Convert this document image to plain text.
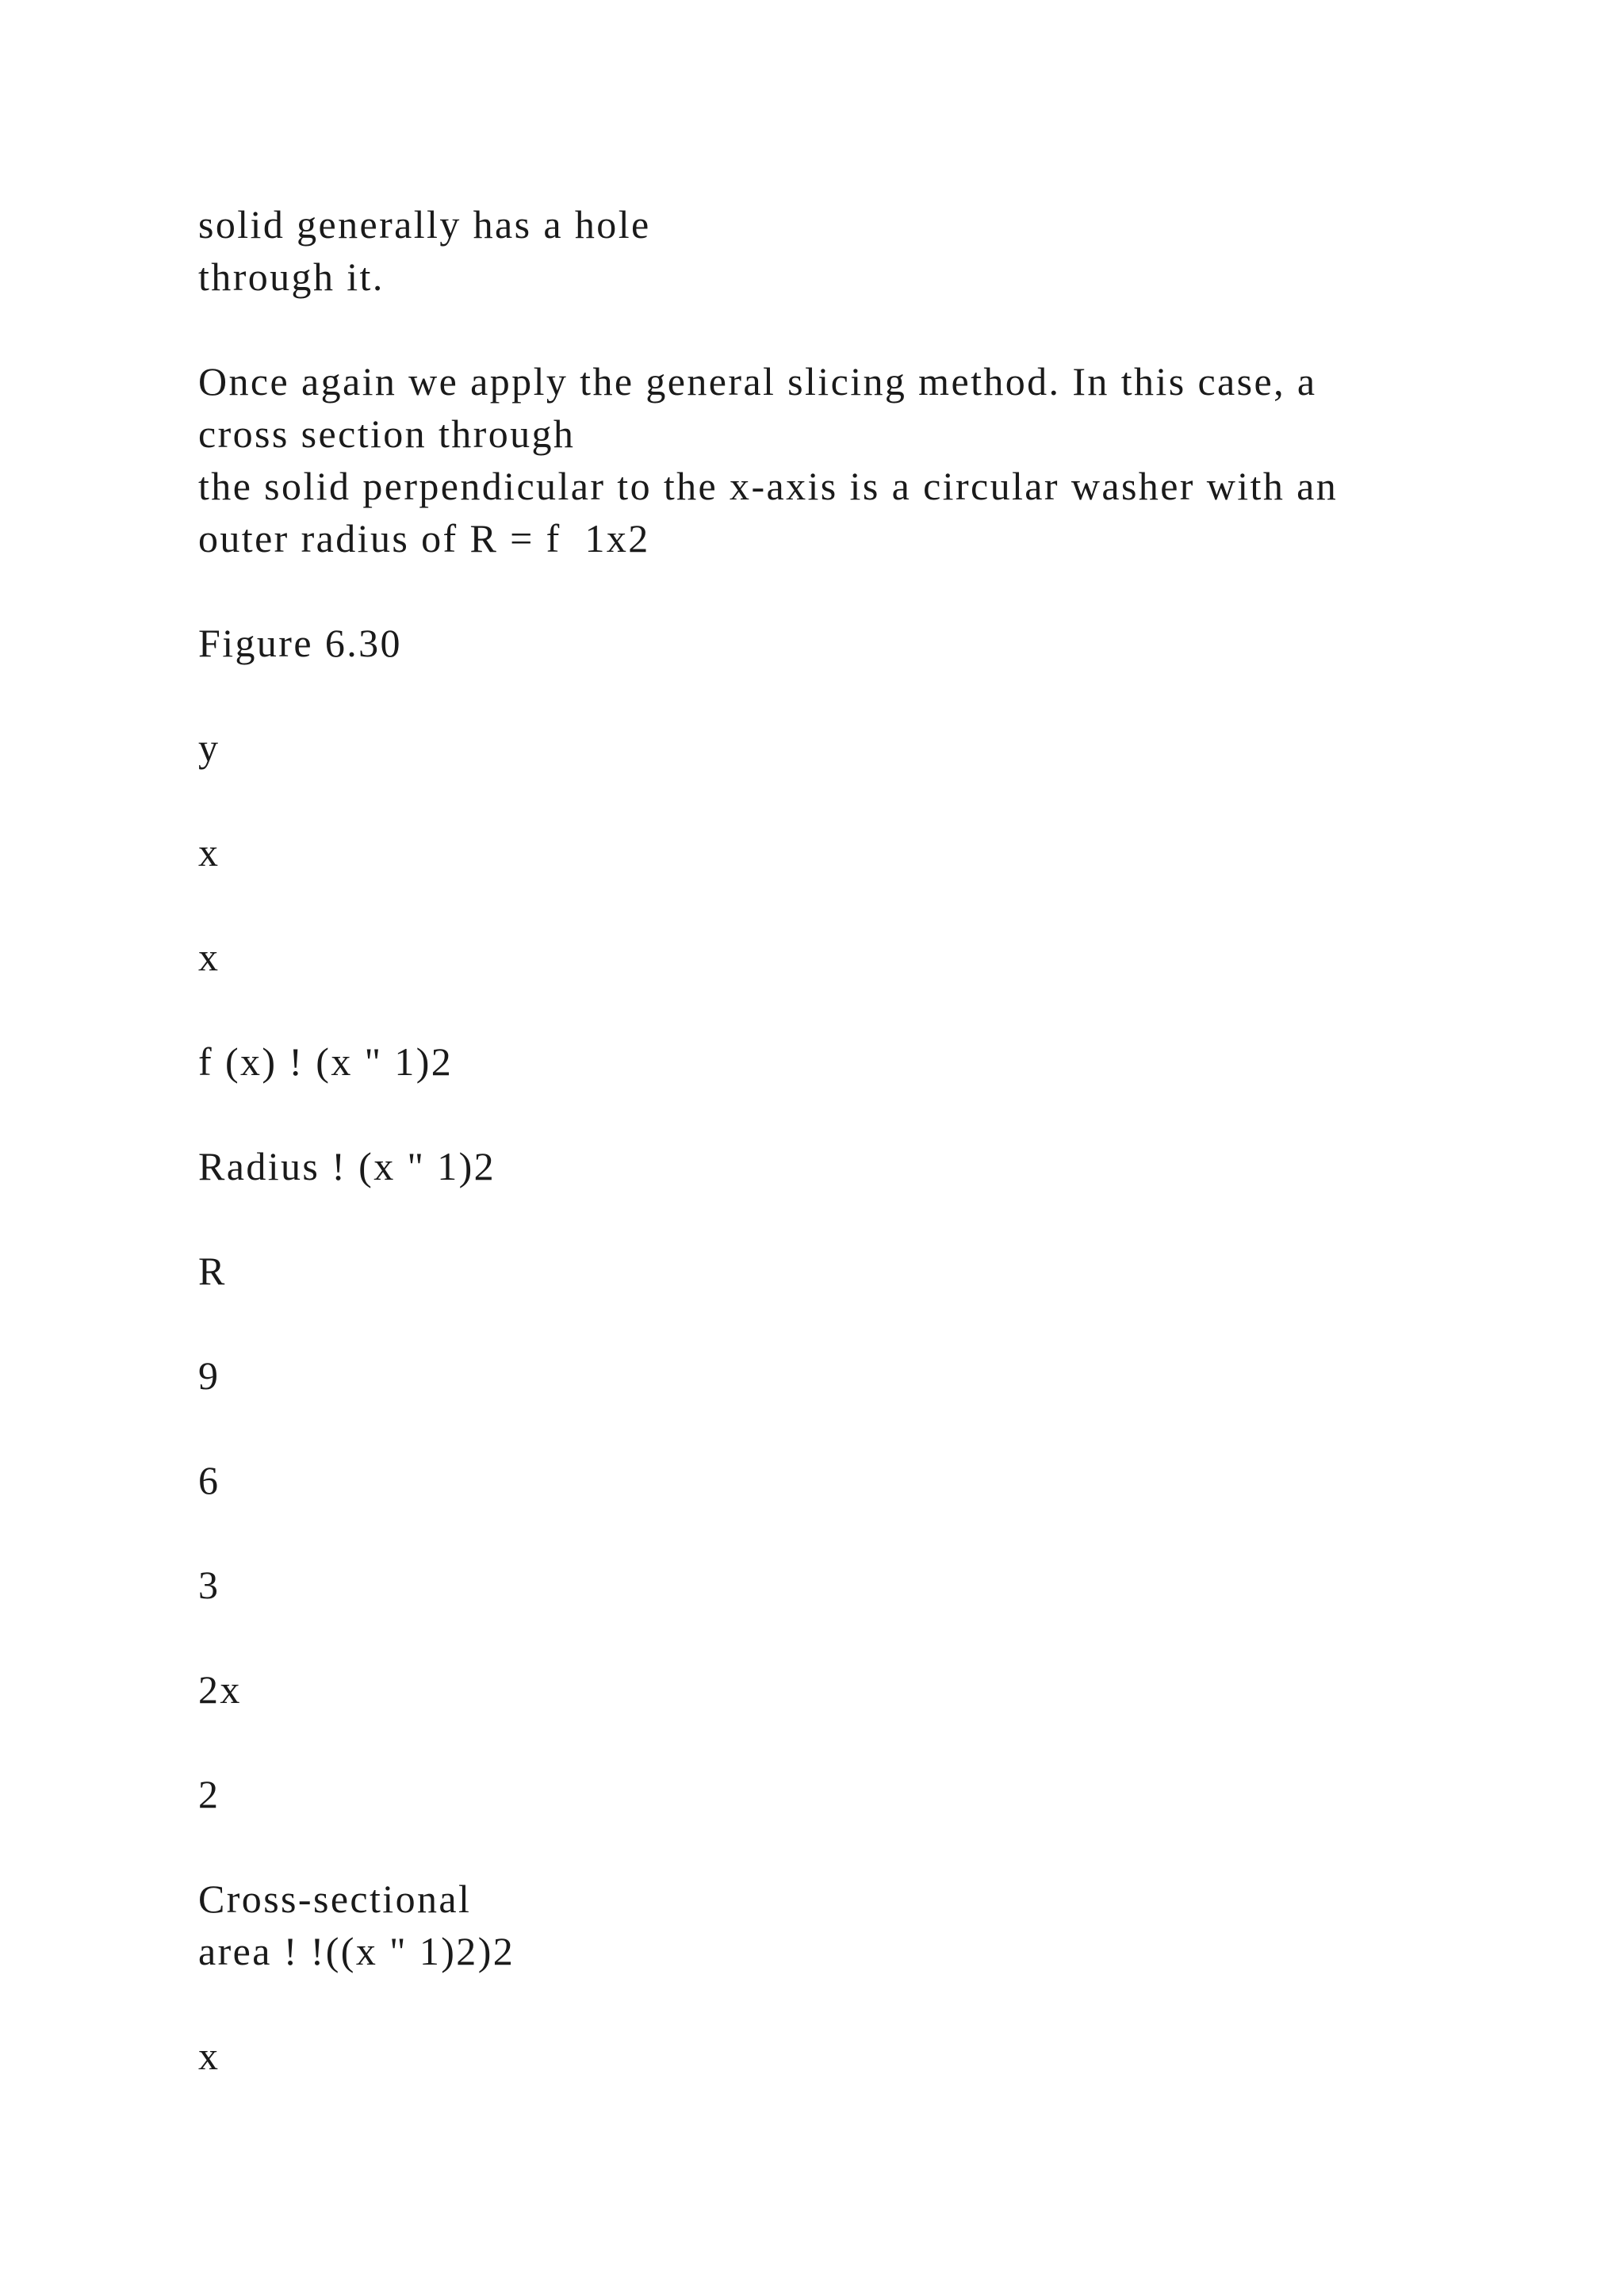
solid generally has a hole

through it.

Once again we apply the general slicing method. In this case, a

cross section through

the solid perpendicular to the x-axis is a circular washer with an

outer radius of R = f  1x2

Figure 6.30

y

x

x

f (x) ! (x " 1)2

Radius ! (x " 1)2

R

9

6

3

2x

2

Cross-sectional

area ! !((x " 1)2)2

x
